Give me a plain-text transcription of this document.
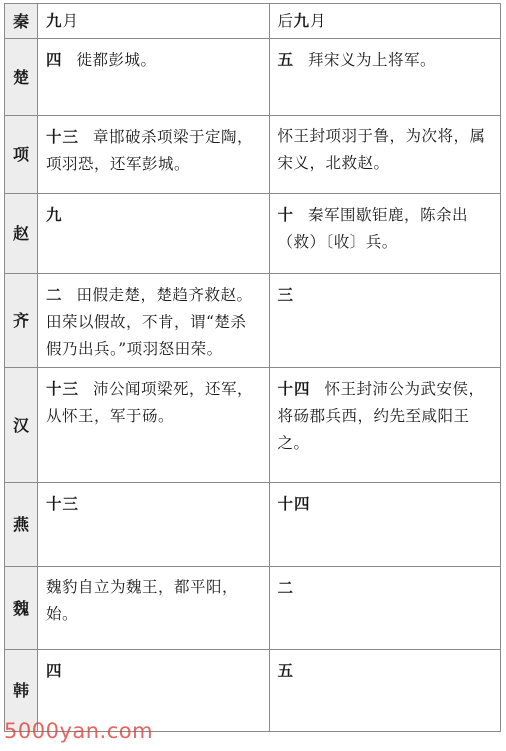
秦	九月	后九月
楚	四 徙都彭城。	五 拜宋义为上将军。
项	十三 章邯破杀项梁于定陶，项羽恐，还军彭城。	怀王封项羽于鲁，为次将，属宋义，北救赵。
赵	九	十 秦军围歇钜鹿，陈余出（救）〔收〕兵。
齐	二 田假走楚，楚趋齐救赵。田荣以假故，不肯，谓“楚杀假乃出兵。”项羽怒田荣。	三
汉	十三 沛公闻项梁死，还军，从怀王，军于砀。	十四 怀王封沛公为武安侯，将砀郡兵西，约先至咸阳王之。
燕	十三	十四
魏	魏豹自立为魏王，都平阳，始。	二
韩	四	五
5000yan.com
